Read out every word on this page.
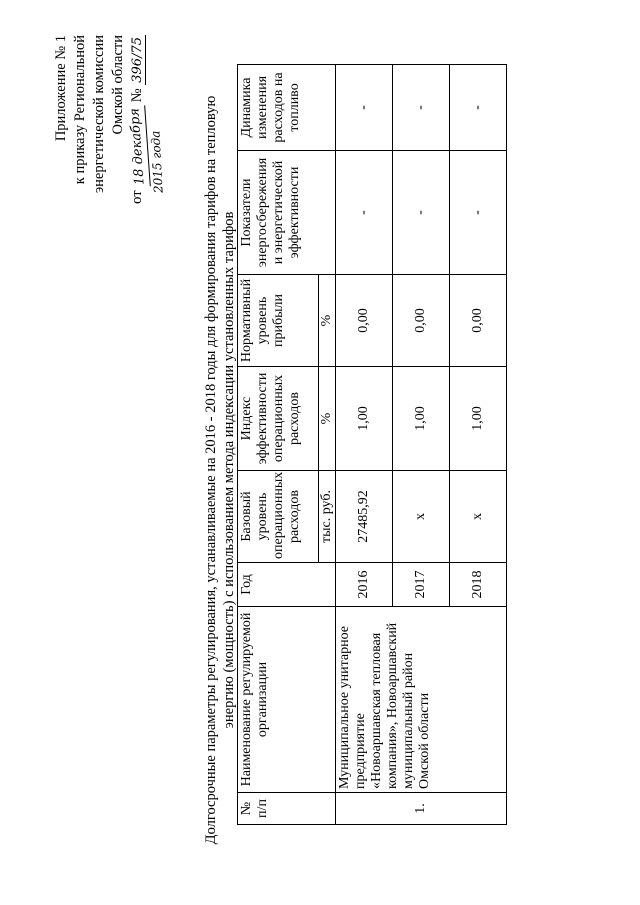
Приложение № 1 к приказу Региональной энергетической комиссии Омской области
от 18 декабря № 396/75
2015 года	Долгосрочные параметры регулирования, устанавливаемые на 2016 - 2018 годы для формирования тарифов на тепловую энергию (мощность) с использованием метода индексации установленных тарифов
№ п/п	Наименование регулируемой организации	Год	Базовый уровень операционных расходов	Индекс эффективности операционных расходов	Нормативный уровень прибыли	Показатели энергосбережения и энергетической эффективности	Динамика изменения расходов на топливо
			тыс. руб.	%	%		
1.	Муниципальное унитарное предприятие «Новоаршавская тепловая компания», Новоаршавский муниципальный район Омской области	2016	27485,92	1,00	0,00	-	-
		2017	х	1,00	0,00	-	-
		2018	х	1,00	0,00	-	-
